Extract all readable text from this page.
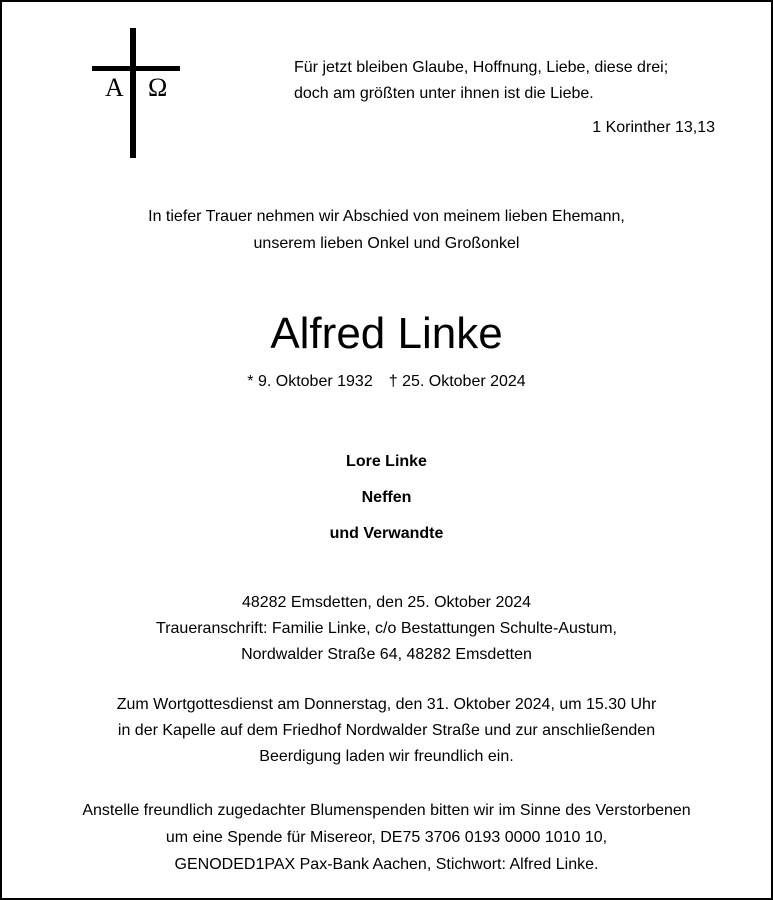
A Ω
Für jetzt bleiben Glaube, Hoffnung, Liebe, diese drei;
doch am größten unter ihnen ist die Liebe.
1 Korinther 13,13
In tiefer Trauer nehmen wir Abschied von meinem lieben Ehemann,
unserem lieben Onkel und Großonkel
Alfred Linke
* 9. Oktober 1932 † 25. Oktober 2024
Lore Linke
Neffen
und Verwandte
48282 Emsdetten, den 25. Oktober 2024
Traueranschrift: Familie Linke, c/o Bestattungen Schulte-Austum,
Nordwalder Straße 64, 48282 Emsdetten
Zum Wortgottesdienst am Donnerstag, den 31. Oktober 2024, um 15.30 Uhr
in der Kapelle auf dem Friedhof Nordwalder Straße und zur anschließenden
Beerdigung laden wir freundlich ein.
Anstelle freundlich zugedachter Blumenspenden bitten wir im Sinne des Verstorbenen
um eine Spende für Misereor, DE75 3706 0193 0000 1010 10,
GENODED1PAX Pax-Bank Aachen, Stichwort: Alfred Linke.
